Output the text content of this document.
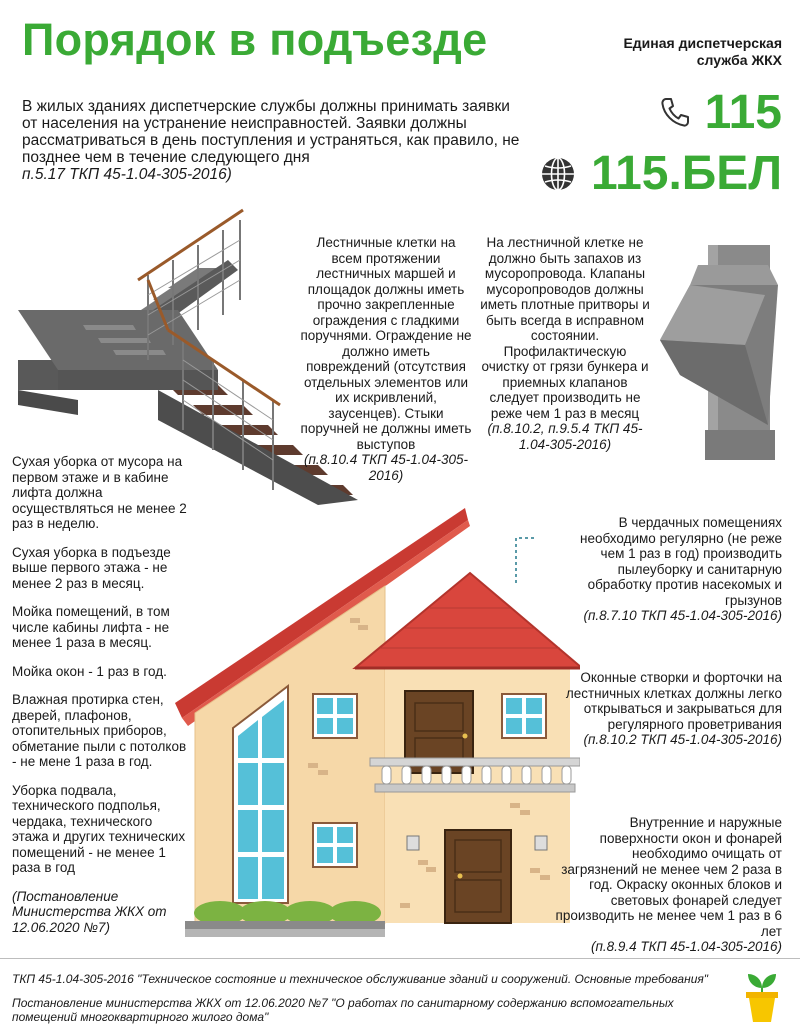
Порядок в подъезде	Единая диспетчерская
служба ЖКХ
115
115.БЕЛ
В жилых зданиях диспетчерские службы должны принимать заявки от населения на устранение неисправностей. Заявки должны рассматриваться в день поступления и устраняться, как правило, не позднее чем в течение следующего дня
п.5.17 ТКП 45-1.04-305-2016)
Лестничные клетки на всем протяжении лестничных маршей и площадок должны иметь прочно закрепленные ограждения с гладкими поручнями. Ограждение не должно иметь повреждений (отсутствия отдельных элементов или их искривлений, заусенцев). Стыки поручней не должны иметь выступов
(п.8.10.4 ТКП 45-1.04-305-2016)
На лестничной клетке не должно быть запахов из мусоропровода. Клапаны мусоропроводов должны иметь плотные притворы и быть всегда в исправном состоянии. Профилактическую очистку от грязи бункера и приемных клапанов следует производить не реже чем 1 раз в месяц
(п.8.10.2, п.9.5.4 ТКП 45-1.04-305-2016)

Сухая уборка от мусора на первом этаже и в кабине лифта должна осуществляться не менее 2 раз в неделю.

Сухая уборка в подъезде выше первого этажа - не менее 2 раз в месяц.

Мойка помещений, в том числе кабины лифта - не менее 1 раза в месяц.

Мойка окон - 1 раз в год.

Влажная протирка стен, дверей, плафонов, отопительных приборов, обметание пыли с потолков - не мене 1 раза в год.

Уборка подвала, технического подполья, чердака, технического этажа и других технических помещений - не менее 1 раза в год

(Постановление Министерства ЖКХ от 12.06.2020 №7)

В чердачных помещениях необходимо регулярно (не реже чем 1 раз в год) производить пылеуборку и санитарную обработку против насекомых и грызунов
(п.8.7.10 ТКП 45-1.04-305-2016)
Оконные створки и форточки на лестничных клетках должны легко открываться и закрываться для регулярного проветривания
(п.8.10.2 ТКП 45-1.04-305-2016)
Внутренние и наружные поверхности окон и фонарей необходимо очищать от загрязнений не менее чем 2 раза в год. Окраску оконных блоков и световых фонарей следует производить не менее чем 1 раз в 6 лет
(п.8.9.4 ТКП 45-1.04-305-2016)

ТКП 45-1.04-305-2016 "Техническое состояние и техническое обслуживание зданий и сооружений. Основные требования"

Постановление министерства ЖКХ от 12.06.2020 №7 "О работах по санитарному содержанию вспомогательных помещений многоквартирного жилого дома"
